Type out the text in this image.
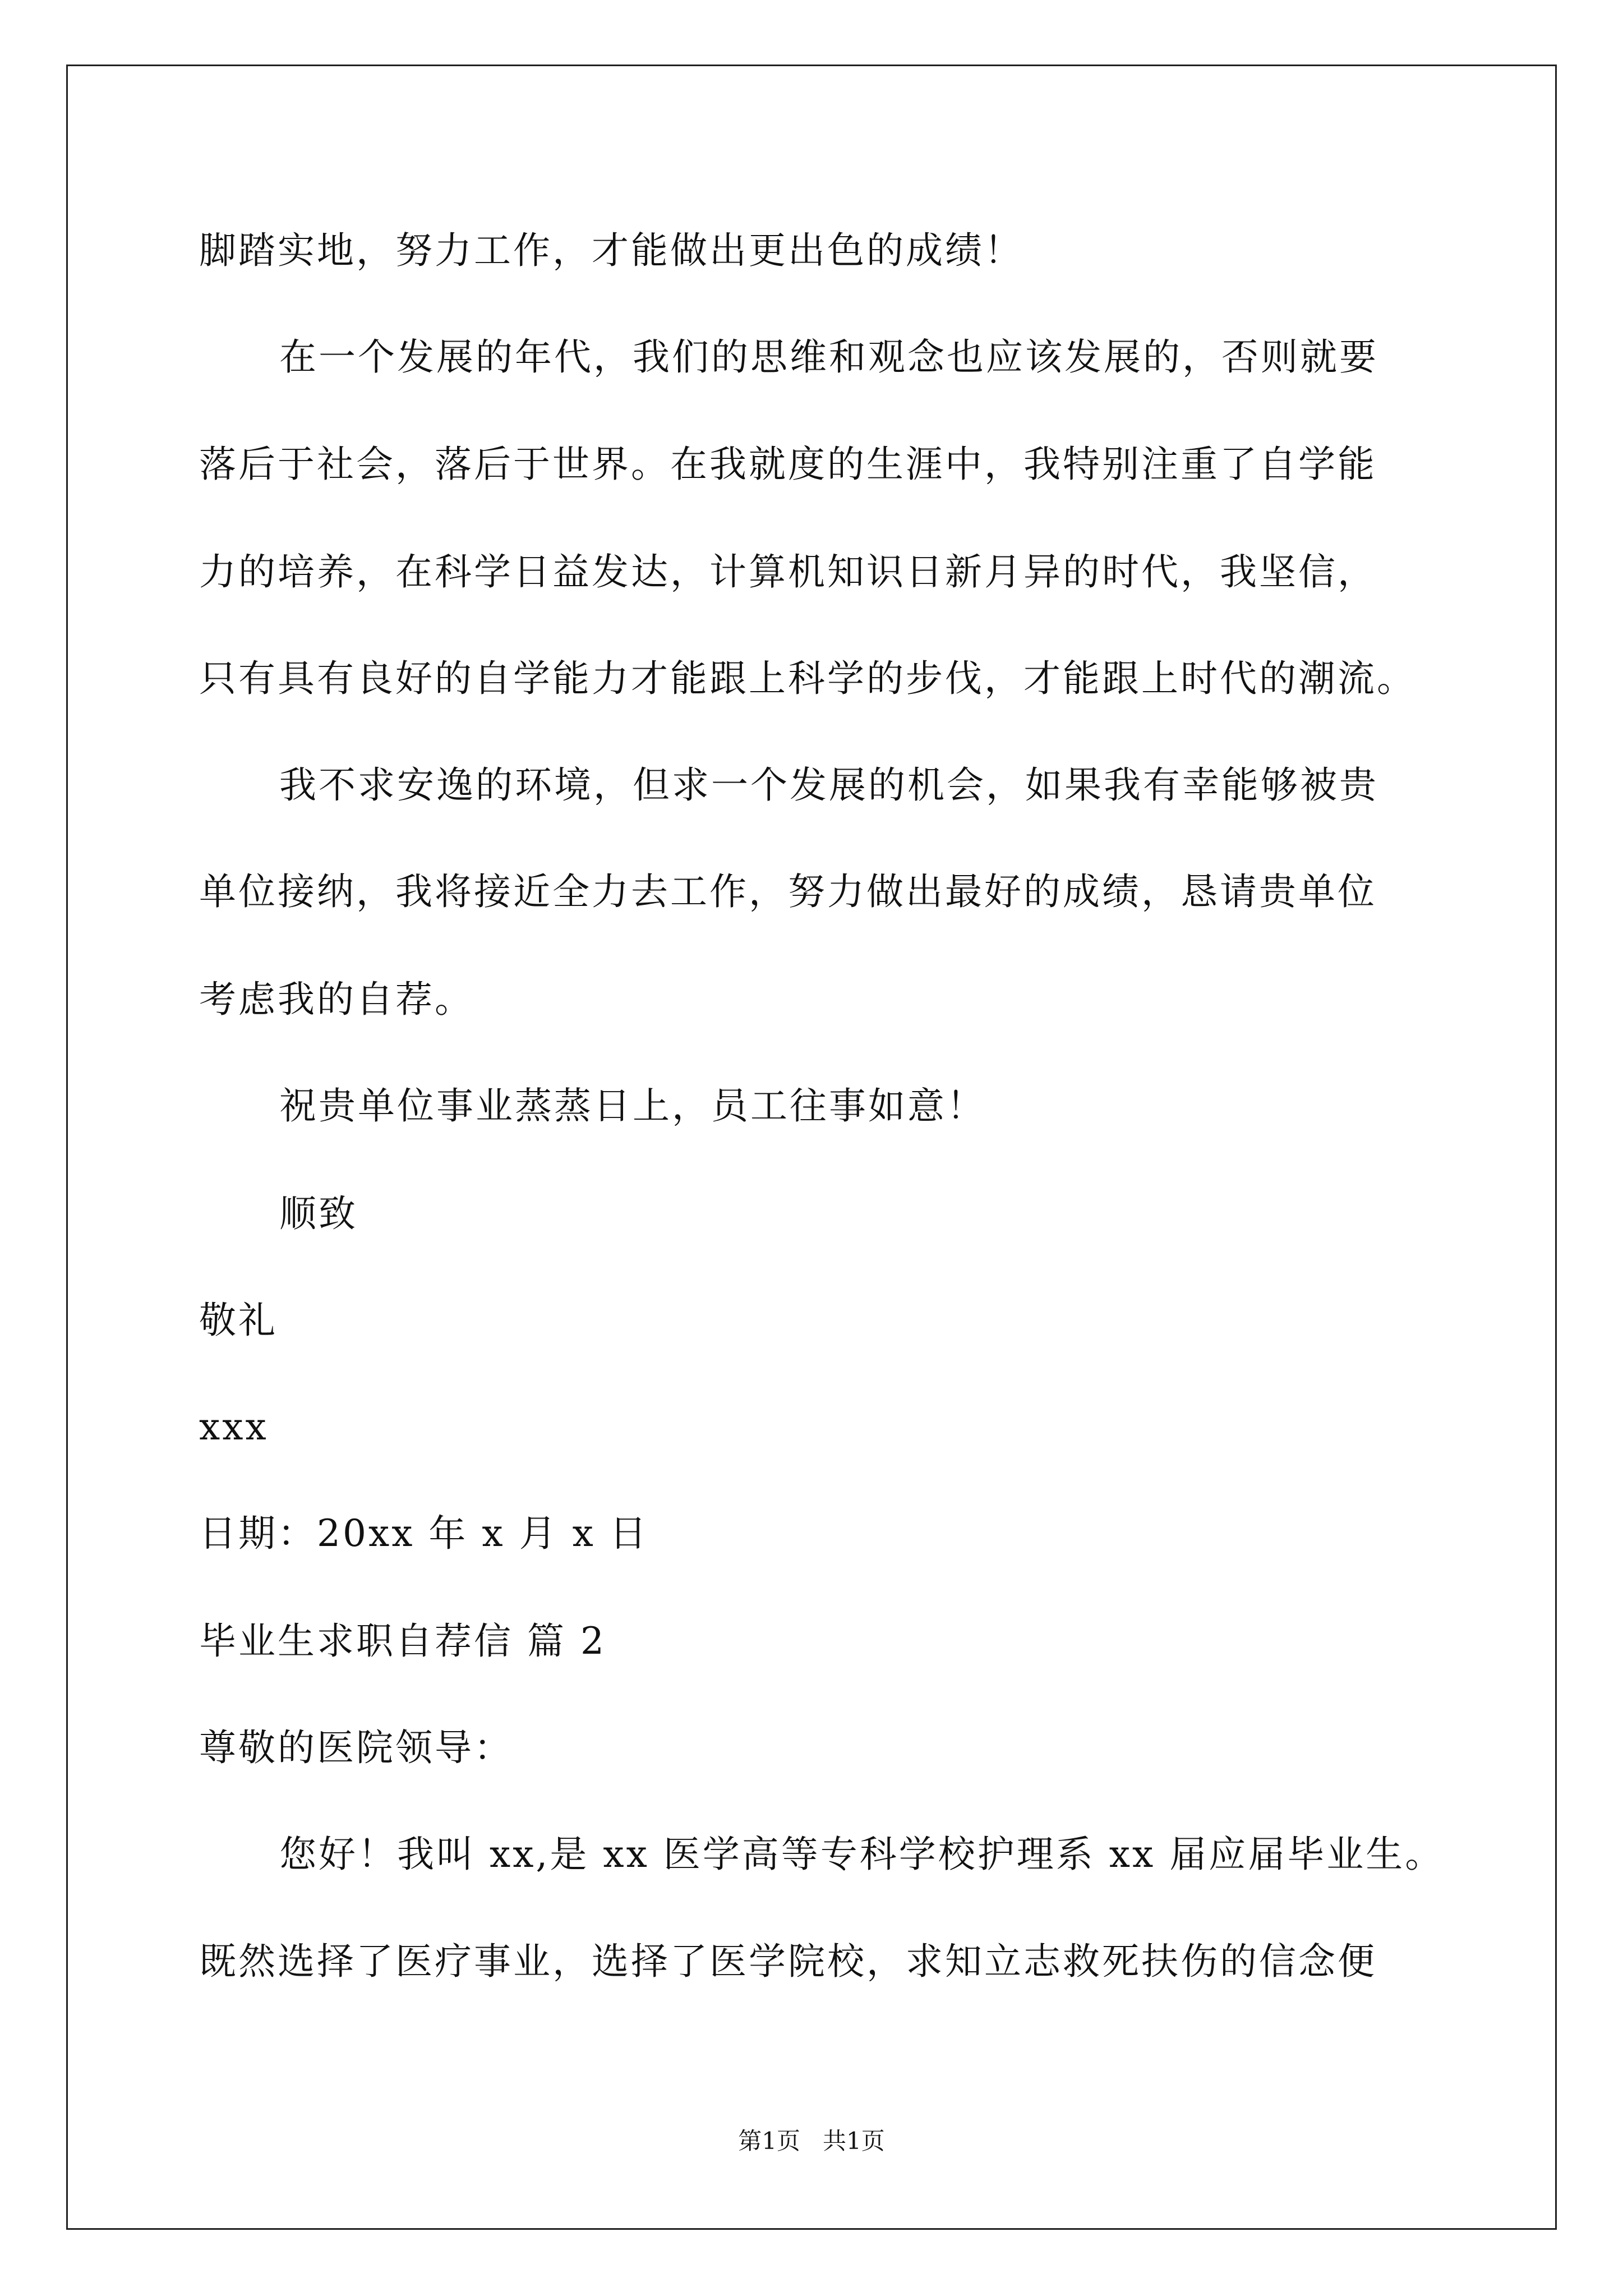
脚踏实地，努力工作，才能做出更出色的成绩！
在一个发展的年代，我们的思维和观念也应该发展的，否则就要
落后于社会，落后于世界。在我就度的生涯中，我特别注重了自学能
力的培养，在科学日益发达，计算机知识日新月异的时代，我坚信，
只有具有良好的自学能力才能跟上科学的步伐，才能跟上时代的潮流。
我不求安逸的环境，但求一个发展的机会，如果我有幸能够被贵
单位接纳，我将接近全力去工作，努力做出最好的成绩，恳请贵单位
考虑我的自荐。
祝贵单位事业蒸蒸日上，员工往事如意！
顺致
敬礼
xxx
日期：20xx 年 x 月 x 日
毕业生求职自荐信 篇 2
尊敬的医院领导：
您好！我叫 xx,是 xx 医学高等专科学校护理系 xx 届应届毕业生。
既然选择了医疗事业，选择了医学院校，求知立志救死扶伤的信念便
第1页   共1页
